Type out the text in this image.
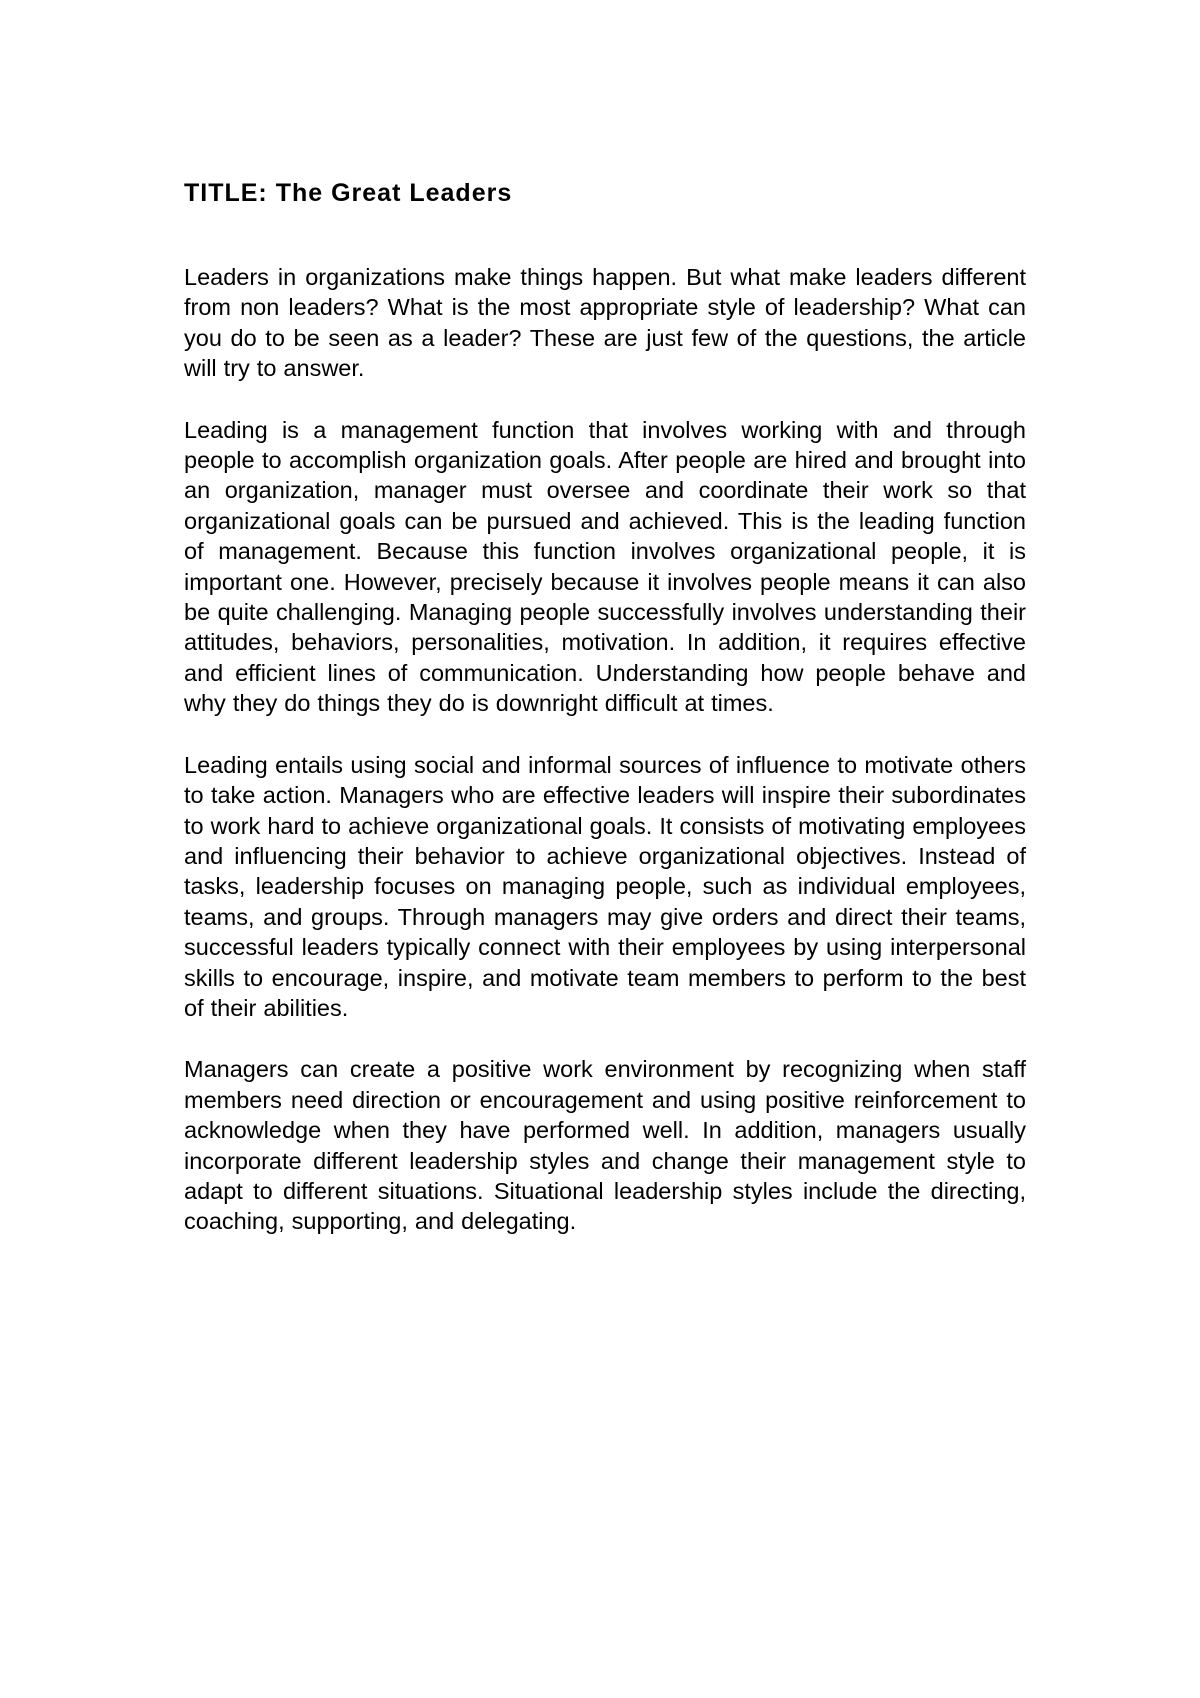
TITLE: The Great Leaders

Leaders in organizations make things happen. But what make leaders different from non leaders? What is the most appropriate style of leadership? What can you do to be seen as a leader? These are just few of the questions, the article will try to answer.

Leading is a management function that involves working with and through people to accomplish organization goals. After people are hired and brought into an organization, manager must oversee and coordinate their work so that organizational goals can be pursued and achieved. This is the leading function of management. Because this function involves organizational people, it is important one. However, precisely because it involves people means it can also be quite challenging. Managing people successfully involves understanding their attitudes, behaviors, personalities, motivation. In addition, it requires effective and efficient lines of communication. Understanding how people behave and why they do things they do is downright difficult at times.

Leading entails using social and informal sources of influence to motivate others to take action. Managers who are effective leaders will inspire their subordinates to work hard to achieve organizational goals. It consists of motivating employees and influencing their behavior to achieve organizational objectives. Instead of tasks, leadership focuses on managing people, such as individual employees, teams, and groups. Through managers may give orders and direct their teams, successful leaders typically connect with their employees by using interpersonal skills to encourage, inspire, and motivate team members to perform to the best of their abilities.

Managers can create a positive work environment by recognizing when staff members need direction or encouragement and using positive reinforcement to acknowledge when they have performed well. In addition, managers usually incorporate different leadership styles and change their management style to adapt to different situations. Situational leadership styles include the directing, coaching, supporting, and delegating.
